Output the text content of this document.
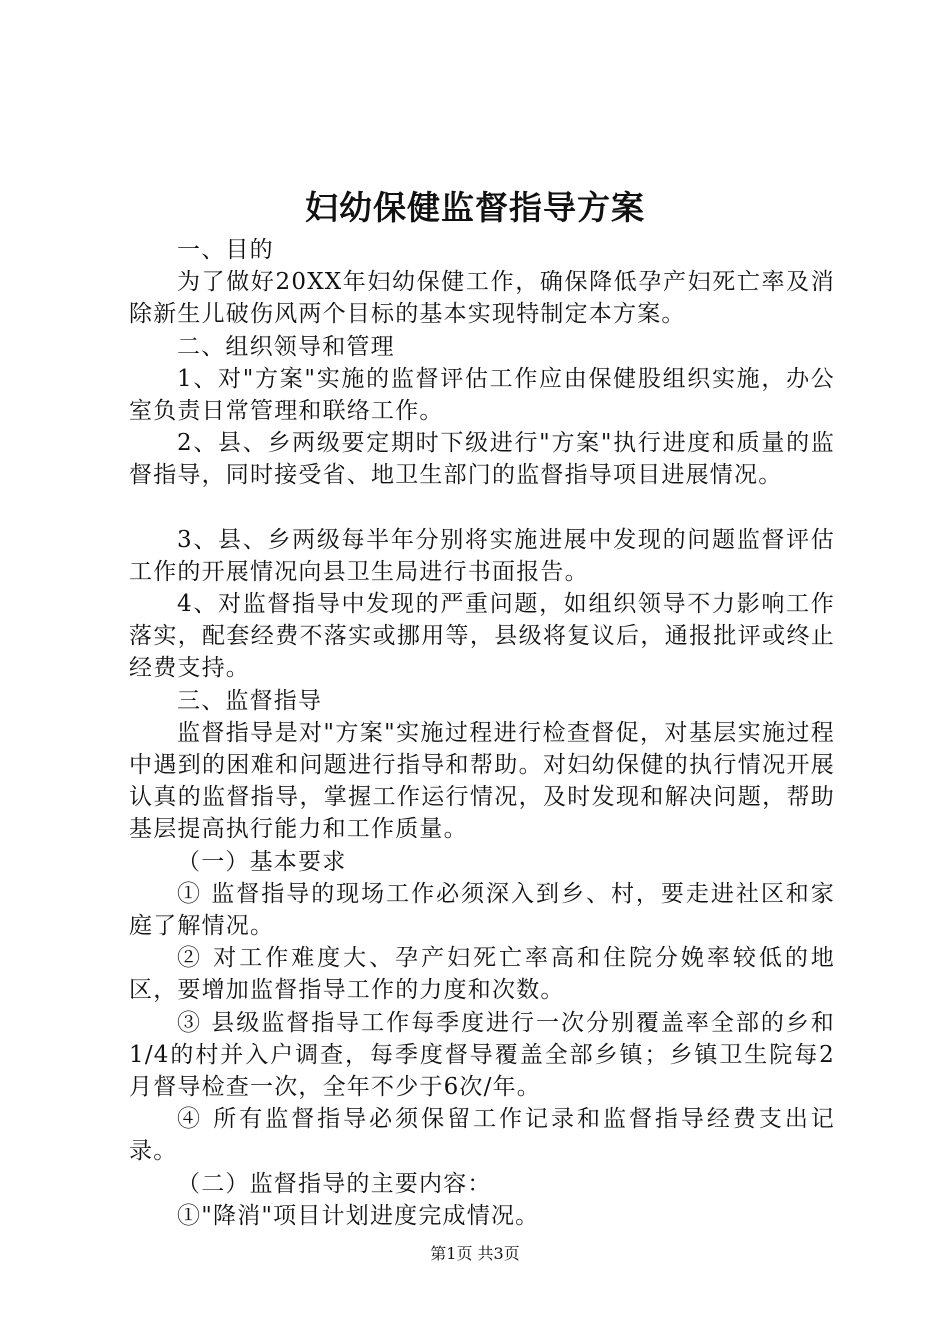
妇幼保健监督指导方案

一、目的

为了做好20XX年妇幼保健工作，确保降低孕产妇死亡率及消除新生儿破伤风两个目标的基本实现特制定本方案。

二、组织领导和管理

1、对"方案"实施的监督评估工作应由保健股组织实施，办公室负责日常管理和联络工作。

2、县、乡两级要定期时下级进行"方案"执行进度和质量的监督指导，同时接受省、地卫生部门的监督指导项目进展情况。

3、县、乡两级每半年分别将实施进展中发现的问题监督评估工作的开展情况向县卫生局进行书面报告。

4、对监督指导中发现的严重问题，如组织领导不力影响工作落实，配套经费不落实或挪用等，县级将复议后，通报批评或终止经费支持。

三、监督指导

监督指导是对"方案"实施过程进行检查督促，对基层实施过程中遇到的困难和问题进行指导和帮助。对妇幼保健的执行情况开展认真的监督指导，掌握工作运行情况，及时发现和解决问题，帮助基层提高执行能力和工作质量。

（一）基本要求

① 监督指导的现场工作必须深入到乡、村，要走进社区和家庭了解情况。

② 对工作难度大、孕产妇死亡率高和住院分娩率较低的地区，要增加监督指导工作的力度和次数。

③ 县级监督指导工作每季度进行一次分别覆盖率全部的乡和1/4的村并入户调查，每季度督导覆盖全部乡镇；乡镇卫生院每2月督导检查一次，全年不少于6次/年。

④ 所有监督指导必须保留工作记录和监督指导经费支出记录。

（二）监督指导的主要内容：

①"降消"项目计划进度完成情况。

第1页 共3页
